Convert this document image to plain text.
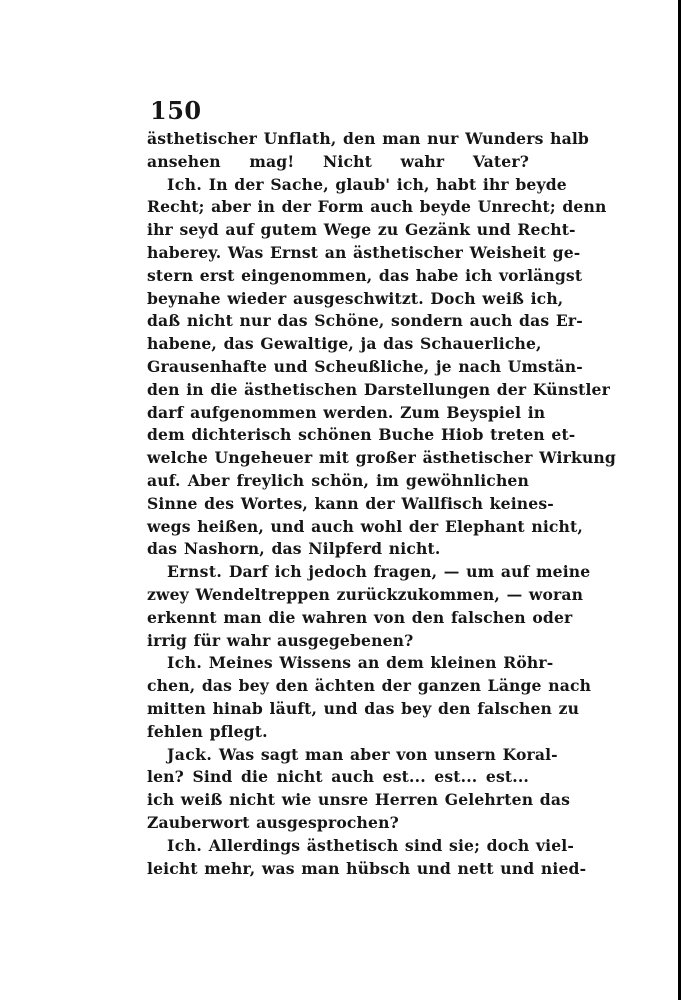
150
ästhetischer Unflath, den man nur Wunders halb
ansehen mag! Nicht wahr Vater?
Ich. In der Sache, glaub' ich, habt ihr beyde
Recht; aber in der Form auch beyde Unrecht; denn
ihr seyd auf gutem Wege zu Gezänk und Recht-
haberey. Was Ernst an ästhetischer Weisheit ge-
stern erst eingenommen, das habe ich vorlängst
beynahe wieder ausgeschwitzt. Doch weiß ich,
daß nicht nur das Schöne, sondern auch das Er-
habene, das Gewaltige, ja das Schauerliche,
Grausenhafte und Scheußliche, je nach Umstän-
den in die ästhetischen Darstellungen der Künstler
darf aufgenommen werden. Zum Beyspiel in
dem dichterisch schönen Buche Hiob treten et-
welche Ungeheuer mit großer ästhetischer Wirkung
auf. Aber freylich schön, im gewöhnlichen
Sinne des Wortes, kann der Wallfisch keines-
wegs heißen, und auch wohl der Elephant nicht,
das Nashorn, das Nilpferd nicht.
Ernst. Darf ich jedoch fragen, — um auf meine
zwey Wendeltreppen zurückzukommen, — woran
erkennt man die wahren von den falschen oder
irrig für wahr ausgegebenen?
Ich. Meines Wissens an dem kleinen Röhr-
chen, das bey den ächten der ganzen Länge nach
mitten hinab läuft, und das bey den falschen zu
fehlen pflegt.
Jack. Was sagt man aber von unsern Koral-
len? Sind die nicht auch est... est... est...
ich weiß nicht wie unsre Herren Gelehrten das
Zauberwort ausgesprochen?
Ich. Allerdings ästhetisch sind sie; doch viel-
leicht mehr, was man hübsch und nett und nied-
